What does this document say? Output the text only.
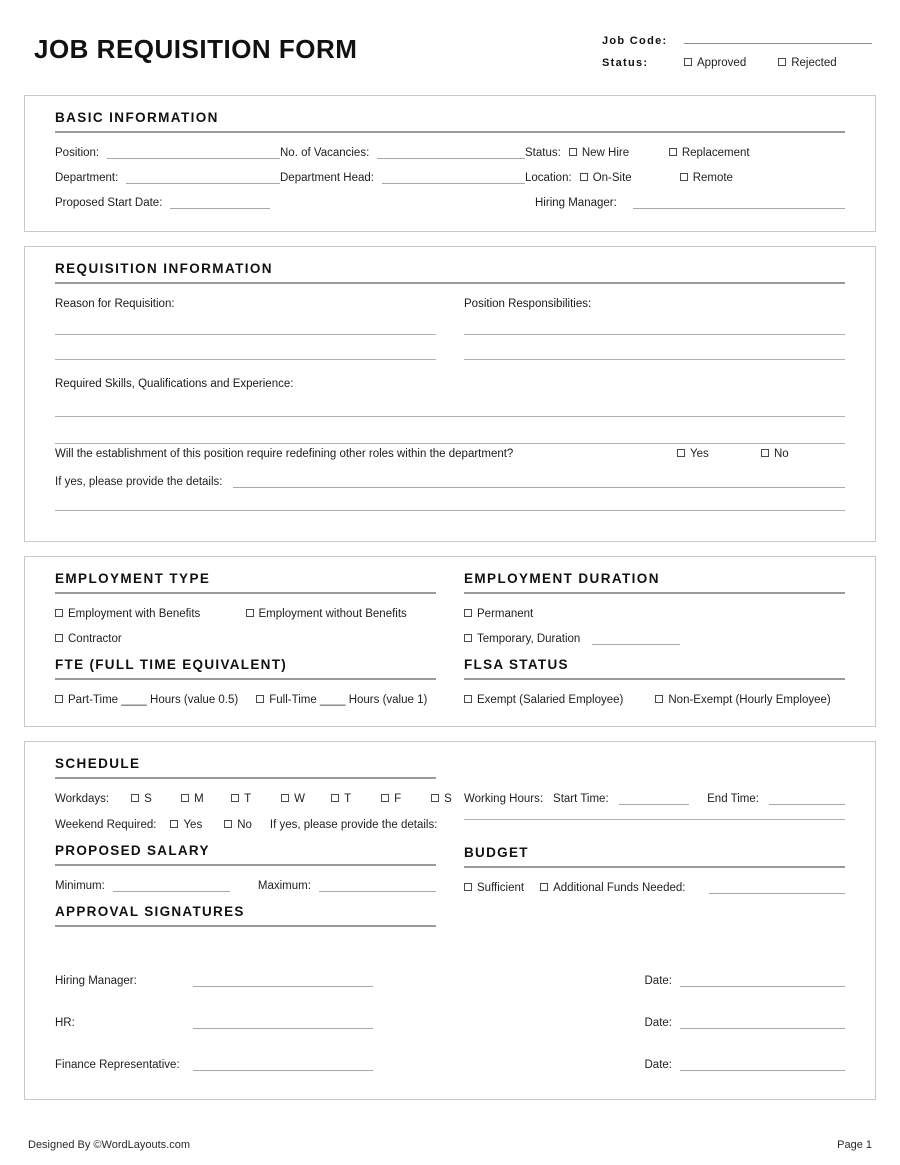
JOB REQUISITION FORM	Job Code:
Status:	Approved	Rejected
BASIC INFORMATION
Position:	No. of Vacancies:	Status:	New Hire	Replacement
Department:	Department Head:	Location:	On-Site	Remote
Proposed Start Date:	Hiring Manager:
REQUISITION INFORMATION
Reason for Requisition:	Position Responsibilities:
Required Skills, Qualifications and Experience:
Will the establishment of this position require redefining other roles within the department?	Yes	No
If yes, please provide the details:
EMPLOYMENT TYPE
Employment with Benefits	Employment without Benefits
Contractor
FTE (FULL TIME EQUIVALENT)
Part-Time ____ Hours (value 0.5)	Full-Time ____ Hours (value 1)
EMPLOYMENT DURATION
Permanent
Temporary, Duration
FLSA STATUS
Exempt (Salaried Employee)	Non-Exempt (Hourly Employee)
SCHEDULE
Workdays:	S	M	T	W	T	F	S
Weekend Required:	Yes	No If yes, please provide the details:
PROPOSED SALARY
Minimum:	Maximum:
APPROVAL SIGNATURES
Working Hours: Start Time:	End Time:
BUDGET
Sufficient	Additional Funds Needed:
Hiring Manager:	Date:
HR:	Date:
Finance Representative:	Date:
Designed By ©WordLayouts.com	Page 1
